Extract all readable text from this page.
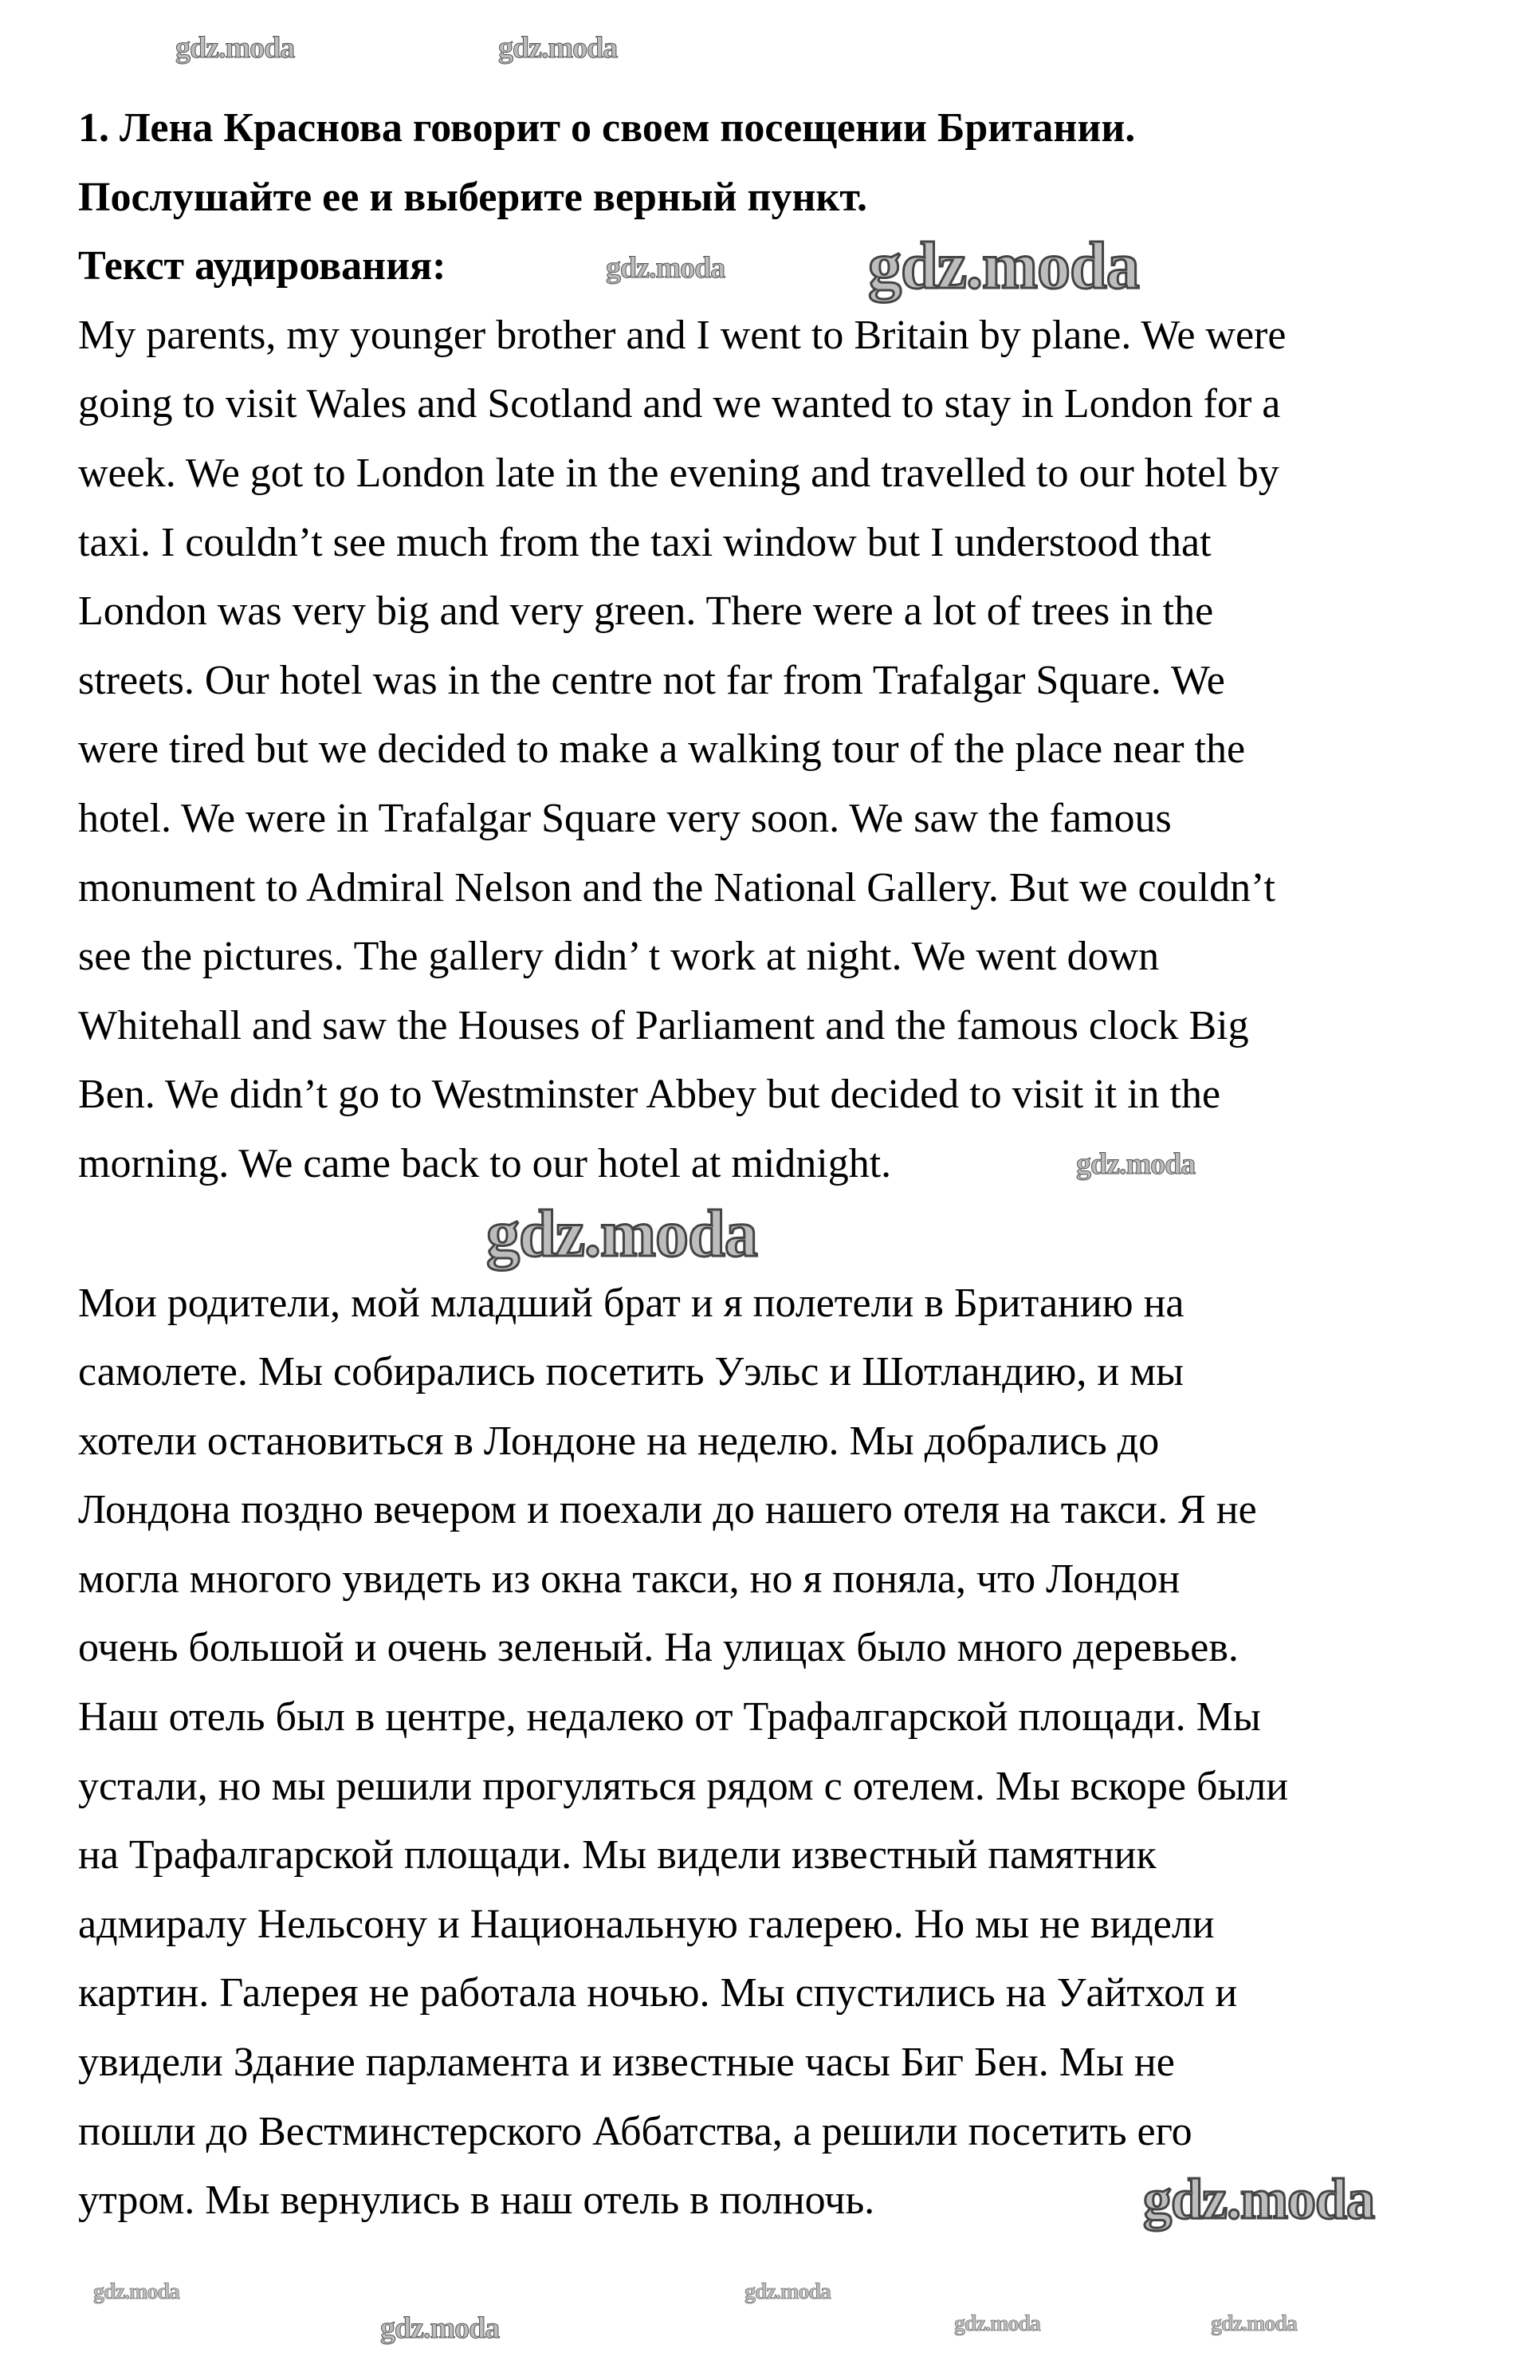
1. Лена Краснова говорит о своем посещении Британии.
Послушайте ее и выберите верный пункт.
Текст аудирования:
My parents, my younger brother and I went to Britain by plane. We were
going to visit Wales and Scotland and we wanted to stay in London for a
week. We got to London late in the evening and travelled to our hotel by
taxi. I couldn’t see much from the taxi window but I understood that
London was very big and very green. There were a lot of trees in the
streets. Our hotel was in the centre not far from Trafalgar Square. We
were tired but we decided to make a walking tour of the place near the
hotel. We were in Trafalgar Square very soon. We saw the famous
monument to Admiral Nelson and the National Gallery. But we couldn’t
see the pictures. The gallery didn’ t work at night. We went down
Whitehall and saw the Houses of Parliament and the famous clock Big
Ben. We didn’t go to Westminster Abbey but decided to visit it in the
morning. We came back to our hotel at midnight.
Мои родители, мой младший брат и я полетели в Британию на
самолете. Мы собирались посетить Уэльс и Шотландию, и мы
хотели остановиться в Лондоне на неделю. Мы добрались до
Лондона поздно вечером и поехали до нашего отеля на такси. Я не
могла многого увидеть из окна такси, но я поняла, что Лондон
очень большой и очень зеленый. На улицах было много деревьев.
Наш отель был в центре, недалеко от Трафалгарской площади. Мы
устали, но мы решили прогуляться рядом с отелем. Мы вскоре были
на Трафалгарской площади. Мы видели известный памятник
адмиралу Нельсону и Национальную галерею. Но мы не видели
картин. Галерея не работала ночью. Мы спустились на Уайтхол и
увидели Здание парламента и известные часы Биг Бен. Мы не
пошли до Вестминстерского Аббатства, а решили посетить его
утром. Мы вернулись в наш отель в полночь.
gdz.moda gdz.moda
gdz.moda
gdz.moda
gdz.moda	gdz.moda
gdz.moda	gdz.moda
gdz.moda
gdz.moda
gdz.moda
gdz.moda
